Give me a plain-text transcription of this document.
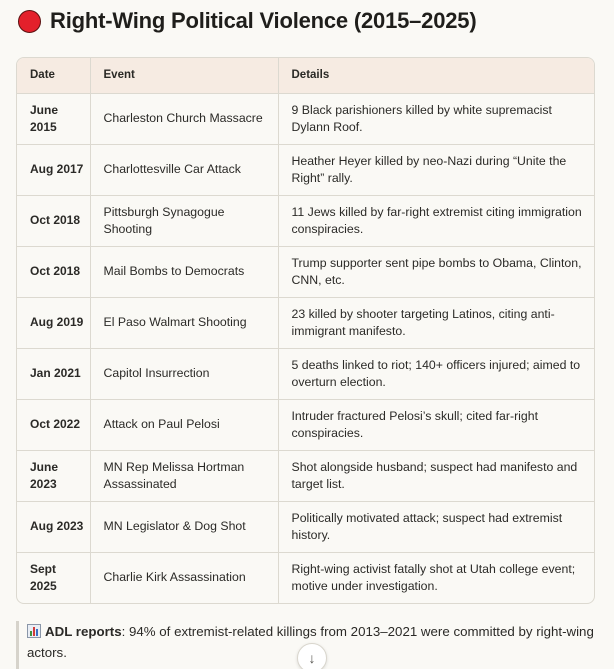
Right-Wing Political Violence (2015–2025)
Date	Event	Details
June 2015	Charleston Church Massacre	9 Black parishioners killed by white supremacist Dylann Roof.
Aug 2017	Charlottesville Car Attack	Heather Heyer killed by neo-Nazi during “Unite the Right” rally.
Oct 2018	Pittsburgh Synagogue Shooting	11 Jews killed by far-right extremist citing immigration conspiracies.
Oct 2018	Mail Bombs to Democrats	Trump supporter sent pipe bombs to Obama, Clinton, CNN, etc.
Aug 2019	El Paso Walmart Shooting	23 killed by shooter targeting Latinos, citing anti-immigrant manifesto.
Jan 2021	Capitol Insurrection	5 deaths linked to riot; 140+ officers injured; aimed to overturn election.
Oct 2022	Attack on Paul Pelosi	Intruder fractured Pelosi’s skull; cited far-right conspiracies.
June 2023	MN Rep Melissa Hortman Assassinated	Shot alongside husband; suspect had manifesto and target list.
Aug 2023	MN Legislator & Dog Shot	Politically motivated attack; suspect had extremist history.
Sept 2025	Charlie Kirk Assassination	Right-wing activist fatally shot at Utah college event; motive under investigation.
ADL reports: 94% of extremist-related killings from 2013–2021 were committed by right-wing actors.	↓
